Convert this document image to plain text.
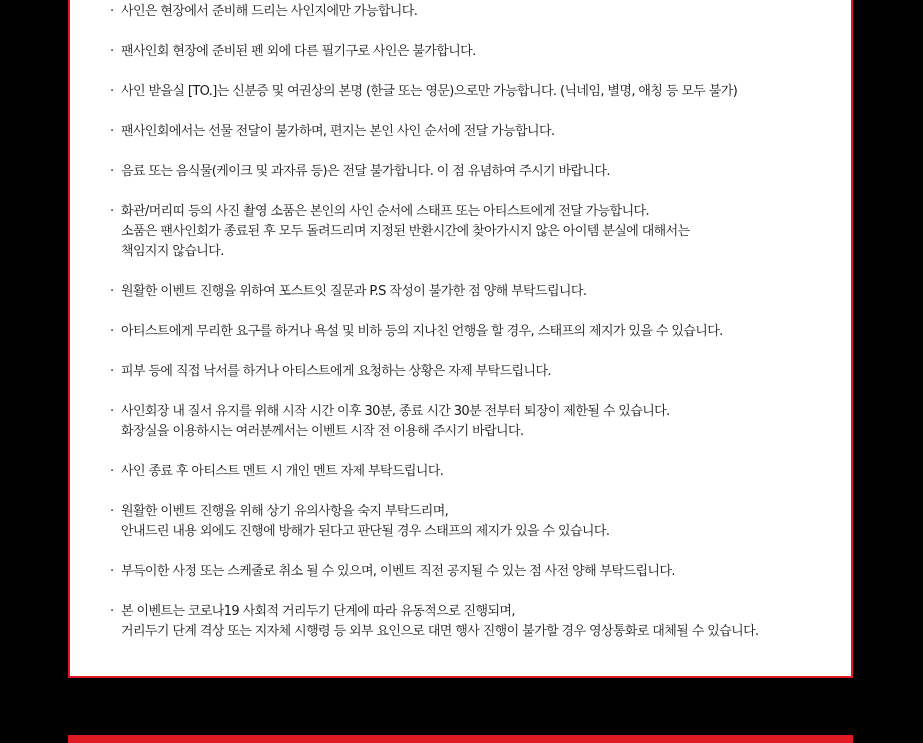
· 사인은 현장에서 준비해 드리는 사인지에만 가능합니다.
· 팬사인회 현장에 준비된 펜 외에 다른 필기구로 사인은 불가합니다.
· 사인 받을실 [TO.]는 신분증 및 여권상의 본명 (한글 또는 영문)으로만 가능합니다. (닉네임, 별명, 애칭 등 모두 불가)
· 팬사인회에서는 선물 전달이 불가하며, 편지는 본인 사인 순서에 전달 가능합니다.
· 음료 또는 음식물(케이크 및 과자류 등)은 전달 불가합니다. 이 점 유념하여 주시기 바랍니다.
· 화관/머리띠 등의 사진 촬영 소품은 본인의 사인 순서에 스태프 또는 아티스트에게 전달 가능합니다.
소품은 팬사인회가 종료된 후 모두 돌려드리며 지정된 반환시간에 찾아가시지 않은 아이템 분실에 대해서는
책임지지 않습니다.
· 원활한 이벤트 진행을 위하여 포스트잇 질문과 P.S 작성이 불가한 점 양해 부탁드립니다.
· 아티스트에게 무리한 요구를 하거나 욕설 및 비하 등의 지나친 언행을 할 경우, 스태프의 제지가 있을 수 있습니다.
· 피부 등에 직접 낙서를 하거나 아티스트에게 요청하는 상황은 자제 부탁드립니다.
· 사인회장 내 질서 유지를 위해 시작 시간 이후 30분, 종료 시간 30분 전부터 퇴장이 제한될 수 있습니다.
화장실을 이용하시는 여러분께서는 이벤트 시작 전 이용해 주시기 바랍니다.
· 사인 종료 후 아티스트 멘트 시 개인 멘트 자제 부탁드립니다.
· 원활한 이벤트 진행을 위해 상기 유의사항을 숙지 부탁드리며,
안내드린 내용 외에도 진행에 방해가 된다고 판단될 경우 스태프의 제지가 있을 수 있습니다.
· 부득이한 사정 또는 스케줄로 취소 될 수 있으며, 이벤트 직전 공지될 수 있는 점 사전 양해 부탁드립니다.
· 본 이벤트는 코로나19 사회적 거리두기 단계에 따라 유동적으로 진행되며,
거리두기 단계 격상 또는 지자체 시행령 등 외부 요인으로 대면 행사 진행이 불가할 경우 영상통화로 대체될 수 있습니다.
